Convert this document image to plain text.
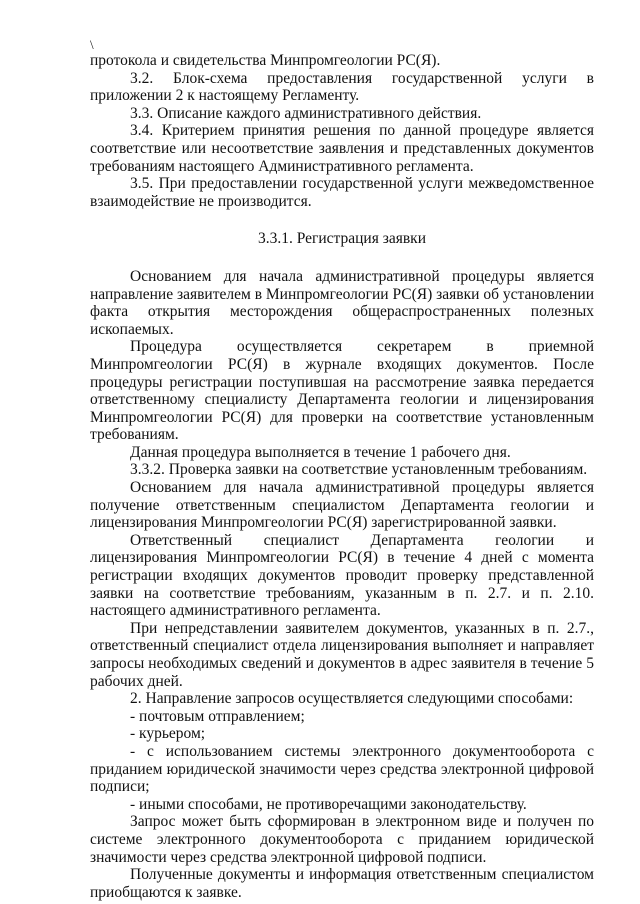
\

протокола и свидетельства Минпромгеологии РС(Я).

3.2. Блок-схема предоставления государственной услуги в приложении 2 к настоящему Регламенту.

3.3. Описание каждого административного действия.

3.4. Критерием принятия решения по данной процедуре является соответствие или несоответствие заявления и представленных документов требованиям настоящего Административного регламента.

3.5. При предоставлении государственной услуги межведомственное взаимодействие не производится.

3.3.1. Регистрация заявки

Основанием для начала административной процедуры является направление заявителем в Минпромгеологии РС(Я) заявки об установлении факта открытия месторождения общераспространенных полезных ископаемых.

Процедура осуществляется секретарем в приемной Минпромгеологии РС(Я) в журнале входящих документов. После процедуры регистрации поступившая на рассмотрение заявка передается ответственному специалисту Департамента геологии и лицензирования Минпромгеологии РС(Я) для проверки на соответствие установленным требованиям.

Данная процедура выполняется в течение 1 рабочего дня.

3.3.2. Проверка заявки на соответствие установленным требованиям.

Основанием для начала административной процедуры является получение ответственным специалистом Департамента геологии и лицензирования Минпромгеологии РС(Я) зарегистрированной заявки.

Ответственный специалист Департамента геологии и лицензирования Минпромгеологии РС(Я) в течение 4 дней с момента регистрации входящих документов проводит проверку представленной заявки на соответствие требованиям, указанным в п. 2.7. и п. 2.10. настоящего административного регламента.

При непредставлении заявителем документов, указанных в п. 2.7., ответственный специалист отдела лицензирования выполняет и направляет запросы необходимых сведений и документов в адрес заявителя в течение 5 рабочих дней.

2. Направление запросов осуществляется следующими способами:

- почтовым отправлением;

- курьером;

- с использованием системы электронного документооборота с приданием юридической значимости через средства электронной цифровой подписи;

- иными способами, не противоречащими законодательству.

Запрос может быть сформирован в электронном виде и получен по системе электронного документооборота с приданием юридической значимости через средства электронной цифровой подписи.

Полученные документы и информация ответственным специалистом приобщаются к заявке.
